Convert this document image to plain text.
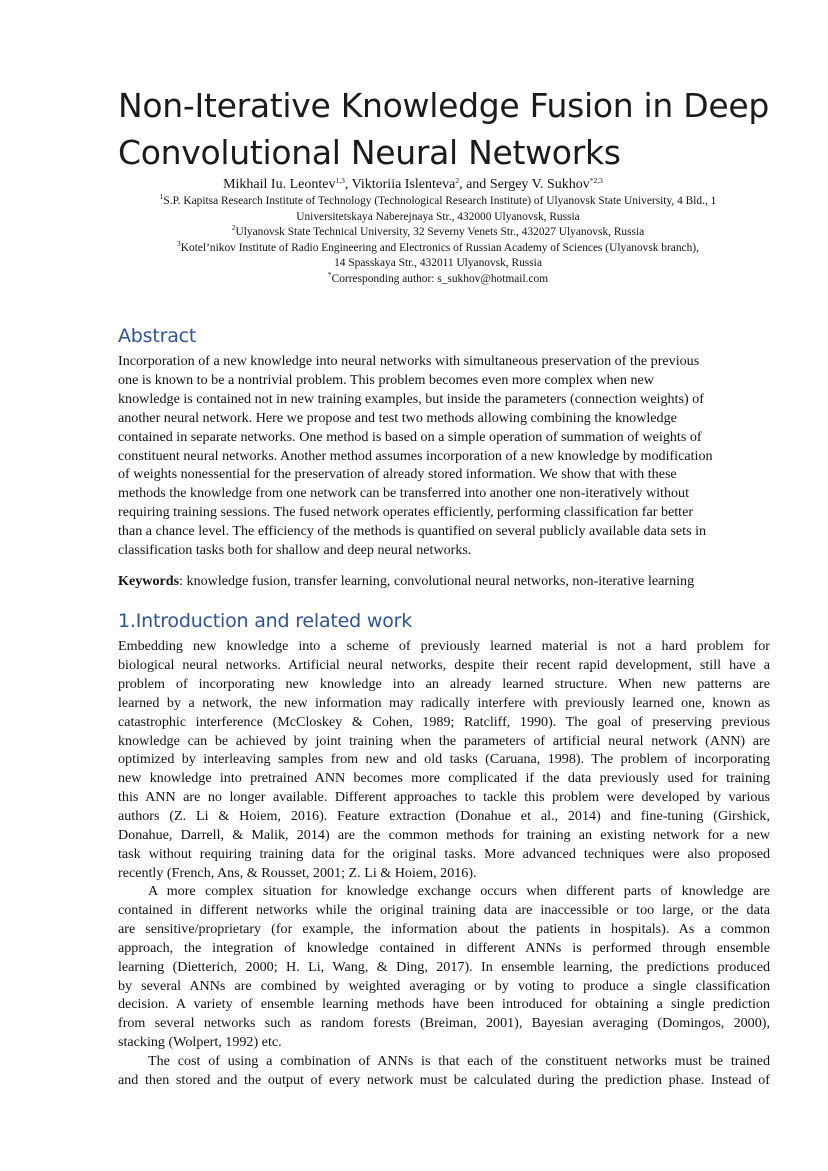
Non-Iterative Knowledge Fusion in Deep
Convolutional Neural Networks
Mikhail Iu. Leontev$^{1,3}$, Viktoriia Islenteva$^2$, and Sergey V. Sukhov$^{*2,3}$
$^1$S.P. Kapitsa Research Institute of Technology (Technological Research Institute) of Ulyanovsk State University, 4 Bld., 1
Universitetskaya Naberejnaya Str., 432000 Ulyanovsk, Russia
$^2$Ulyanovsk State Technical University, 32 Severny Venets Str., 432027 Ulyanovsk, Russia
$^3$Kotel’nikov Institute of Radio Engineering and Electronics of Russian Academy of Sciences (Ulyanovsk branch),
14 Spasskaya Str., 432011 Ulyanovsk, Russia
*Corresponding author: s_sukhov@hotmail.com
Abstract
Incorporation of a new knowledge into neural networks with simultaneous preservation of the previous
one is known to be a nontrivial problem. This problem becomes even more complex when new
knowledge is contained not in new training examples, but inside the parameters (connection weights) of
another neural network. Here we propose and test two methods allowing combining the knowledge
contained in separate networks. One method is based on a simple operation of summation of weights of
constituent neural networks. Another method assumes incorporation of a new knowledge by modification
of weights nonessential for the preservation of already stored information. We show that with these
methods the knowledge from one network can be transferred into another one non-iteratively without
requiring training sessions. The fused network operates efficiently, performing classification far better
than a chance level. The efficiency of the methods is quantified on several publicly available data sets in
classification tasks both for shallow and deep neural networks.
Keywords: knowledge fusion, transfer learning, convolutional neural networks, non-iterative learning
1.Introduction and related work
Embedding new knowledge into a scheme of previously learned material is not a hard problem for
biological neural networks. Artificial neural networks, despite their recent rapid development, still have a
problem of incorporating new knowledge into an already learned structure. When new patterns are
learned by a network, the new information may radically interfere with previously learned one, known as
catastrophic interference (McCloskey & Cohen, 1989; Ratcliff, 1990). The goal of preserving previous
knowledge can be achieved by joint training when the parameters of artificial neural network (ANN) are
optimized by interleaving samples from new and old tasks (Caruana, 1998). The problem of incorporating
new knowledge into pretrained ANN becomes more complicated if the data previously used for training
this ANN are no longer available. Different approaches to tackle this problem were developed by various
authors (Z. Li & Hoiem, 2016). Feature extraction (Donahue et al., 2014) and fine-tuning (Girshick,
Donahue, Darrell, & Malik, 2014) are the common methods for training an existing network for a new
task without requiring training data for the original tasks. More advanced techniques were also proposed
recently (French, Ans, & Rousset, 2001; Z. Li & Hoiem, 2016).
A more complex situation for knowledge exchange occurs when different parts of knowledge are
contained in different networks while the original training data are inaccessible or too large, or the data
are sensitive/proprietary (for example, the information about the patients in hospitals). As a common
approach, the integration of knowledge contained in different ANNs is performed through ensemble
learning (Dietterich, 2000; H. Li, Wang, & Ding, 2017). In ensemble learning, the predictions produced
by several ANNs are combined by weighted averaging or by voting to produce a single classification
decision. A variety of ensemble learning methods have been introduced for obtaining a single prediction
from several networks such as random forests (Breiman, 2001), Bayesian averaging (Domingos, 2000),
stacking (Wolpert, 1992) etc.
The cost of using a combination of ANNs is that each of the constituent networks must be trained
and then stored and the output of every network must be calculated during the prediction phase. Instead of
